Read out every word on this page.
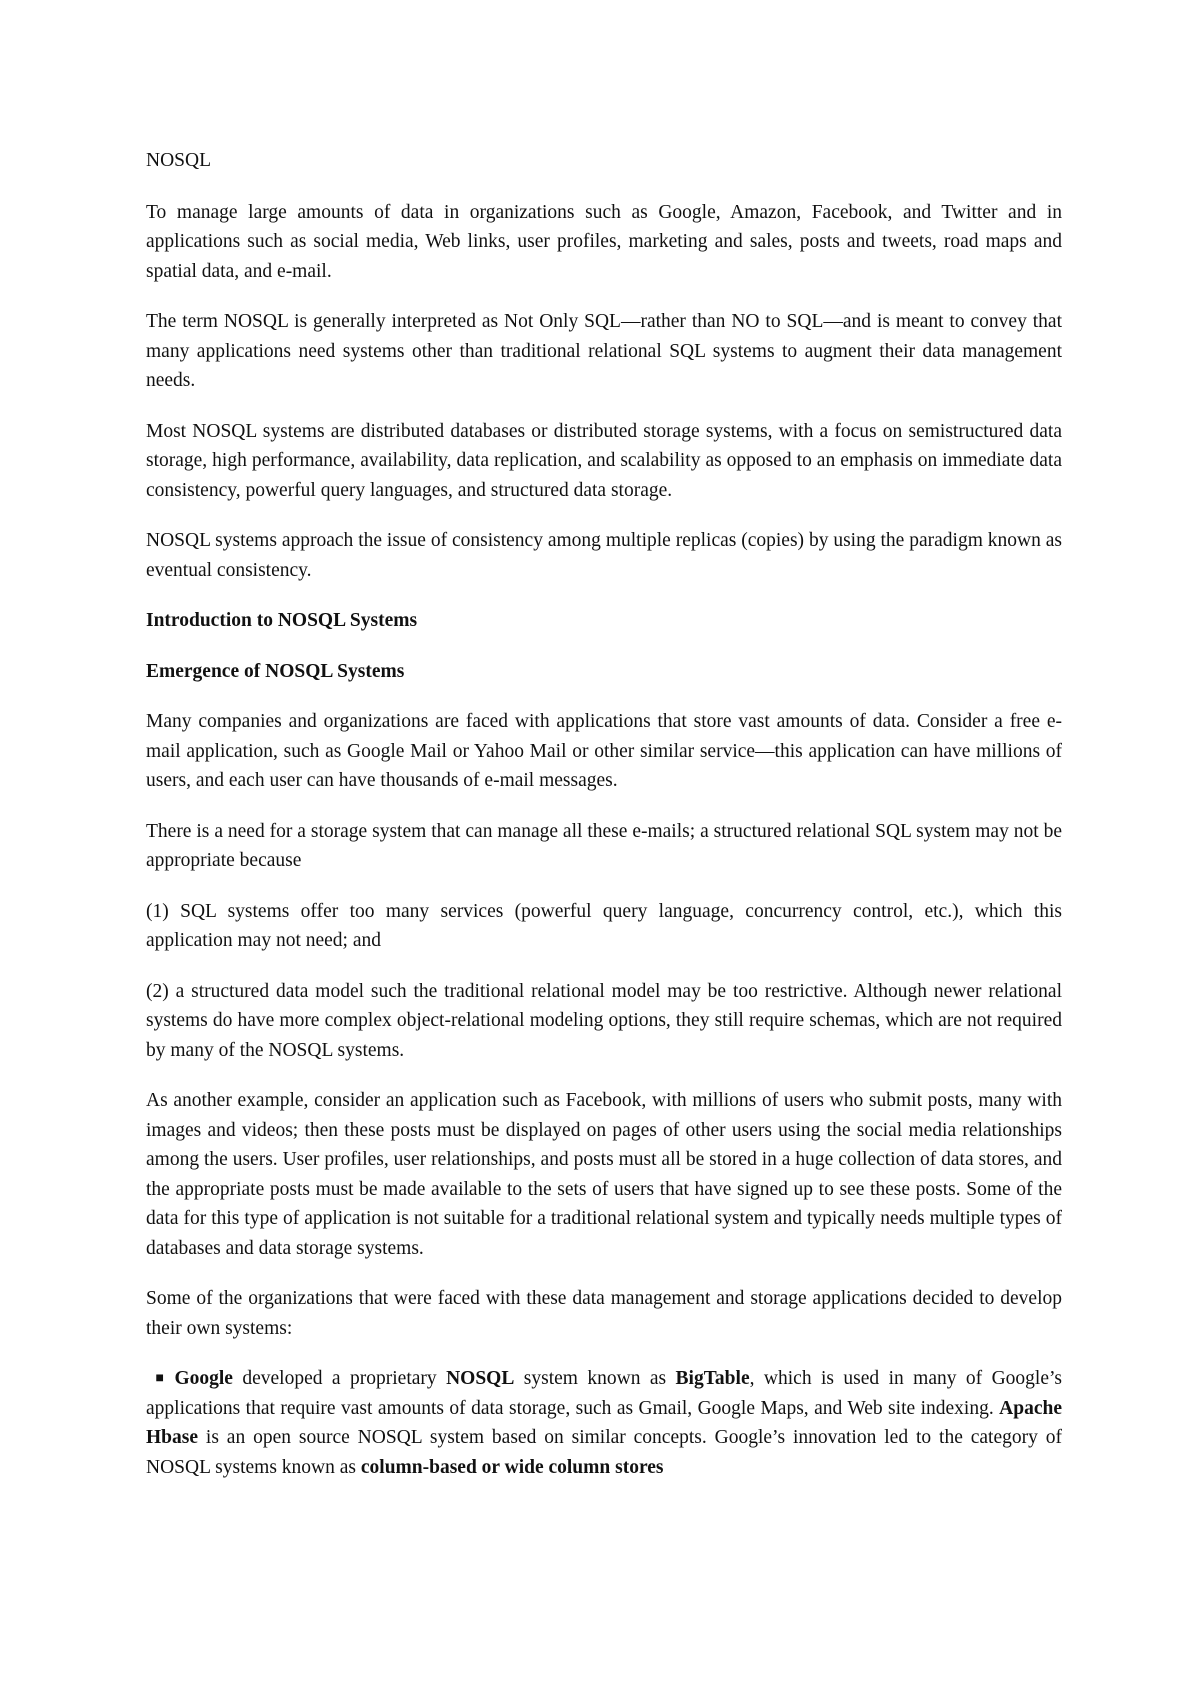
NOSQL

To manage large amounts of data in organizations such as Google, Amazon, Facebook, and Twitter and in applications such as social media, Web links, user profiles, marketing and sales, posts and tweets, road maps and spatial data, and e-mail.

The term NOSQL is generally interpreted as Not Only SQL—rather than NO to SQL—and is meant to convey that many applications need systems other than traditional relational SQL systems to augment their data management needs.

Most NOSQL systems are distributed databases or distributed storage systems, with a focus on semistructured data storage, high performance, availability, data replication, and scalability as opposed to an emphasis on immediate data consistency, powerful query languages, and structured data storage.

NOSQL systems approach the issue of consistency among multiple replicas (copies) by using the paradigm known as eventual consistency.

Introduction to NOSQL Systems

Emergence of NOSQL Systems

Many companies and organizations are faced with applications that store vast amounts of data. Consider a free e-mail application, such as Google Mail or Yahoo Mail or other similar service—this application can have millions of users, and each user can have thousands of e-mail messages.

There is a need for a storage system that can manage all these e-mails; a structured relational SQL system may not be appropriate because

(1) SQL systems offer too many services (powerful query language, concurrency control, etc.), which this application may not need; and

(2) a structured data model such the traditional relational model may be too restrictive. Although newer relational systems do have more complex object-relational modeling options, they still require schemas, which are not required by many of the NOSQL systems.

As another example, consider an application such as Facebook, with millions of users who submit posts, many with images and videos; then these posts must be displayed on pages of other users using the social media relationships among the users. User profiles, user relationships, and posts must all be stored in a huge collection of data stores, and the appropriate posts must be made available to the sets of users that have signed up to see these posts. Some of the data for this type of application is not suitable for a traditional relational system and typically needs multiple types of databases and data storage systems.

Some of the organizations that were faced with these data management and storage applications decided to develop their own systems:

■ Google developed a proprietary NOSQL system known as BigTable, which is used in many of Google’s applications that require vast amounts of data storage, such as Gmail, Google Maps, and Web site indexing. Apache Hbase is an open source NOSQL system based on similar concepts. Google’s innovation led to the category of NOSQL systems known as column-based or wide column stores
